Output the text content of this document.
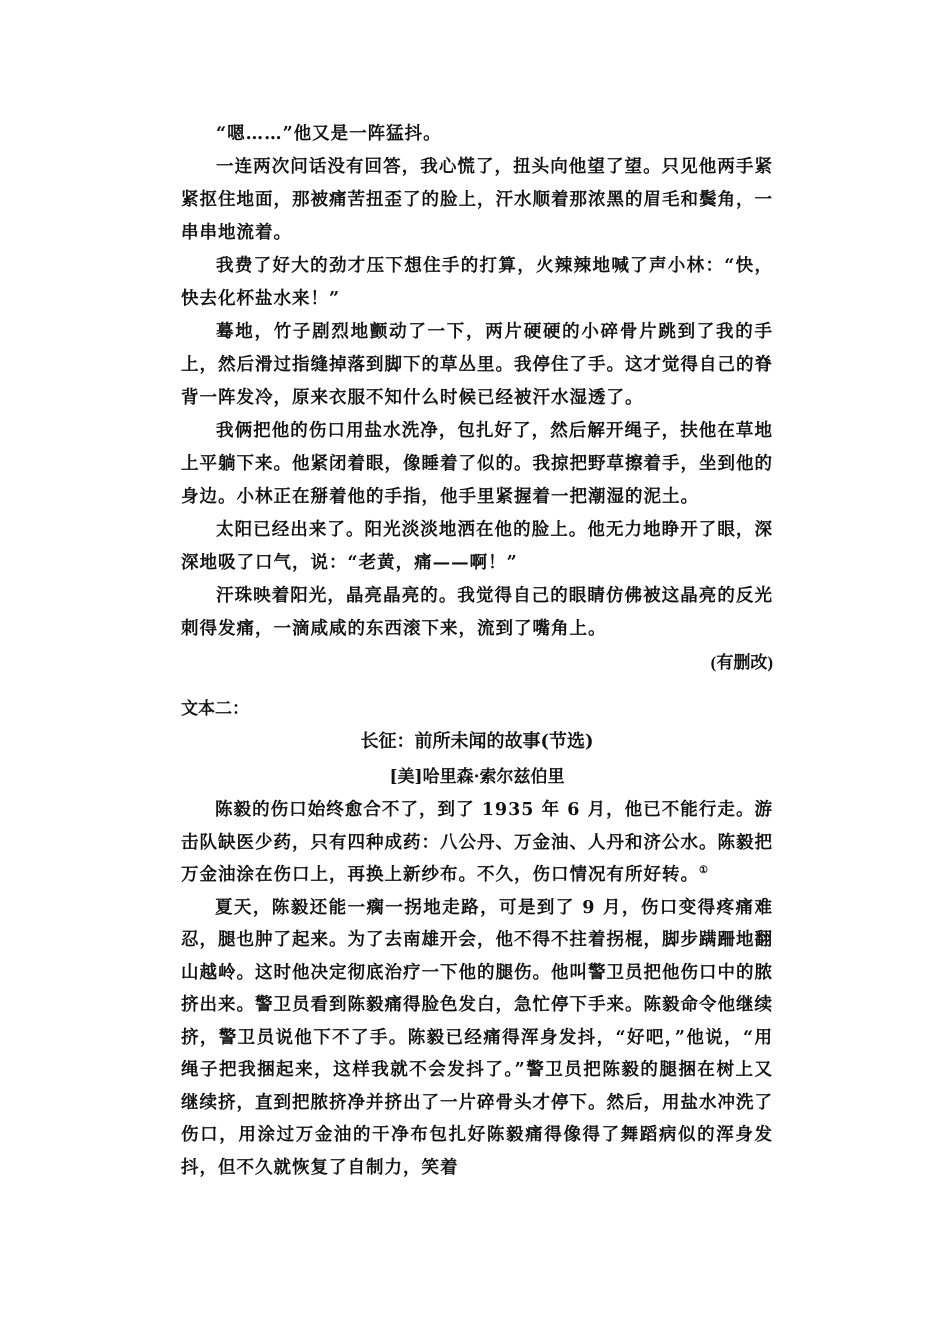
“嗯……”他又是一阵猛抖。

一连两次问话没有回答，我心慌了，扭头向他望了望。只见他两手紧紧抠住地面，那被痛苦扭歪了的脸上，汗水顺着那浓黑的眉毛和鬓角，一串串地流着。

我费了好大的劲才压下想住手的打算，火辣辣地喊了声小林：“快，快去化杯盐水来！”

蓦地，竹子剧烈地颤动了一下，两片硬硬的小碎骨片跳到了我的手上，然后滑过指缝掉落到脚下的草丛里。我停住了手。这才觉得自己的脊背一阵发冷，原来衣服不知什么时候已经被汗水湿透了。

我俩把他的伤口用盐水洗净，包扎好了，然后解开绳子，扶他在草地上平躺下来。他紧闭着眼，像睡着了似的。我掠把野草擦着手，坐到他的身边。小林正在掰着他的手指，他手里紧握着一把潮湿的泥土。

太阳已经出来了。阳光淡淡地洒在他的脸上。他无力地睁开了眼，深深地吸了口气，说：“老黄，痛——啊！”

汗珠映着阳光，晶亮晶亮的。我觉得自己的眼睛仿佛被这晶亮的反光刺得发痛，一滴咸咸的东西滚下来，流到了嘴角上。

(有删改)

文本二：

长征：前所未闻的故事(节选)

[美]哈里森·索尔兹伯里

陈毅的伤口始终愈合不了，到了 1935 年 6 月，他已不能行走。游击队缺医少药，只有四种成药：八公丹、万金油、人丹和济公水。陈毅把万金油涂在伤口上，再换上新纱布。不久，伤口情况有所好转。①

夏天，陈毅还能一瘸一拐地走路，可是到了 9 月，伤口变得疼痛难忍，腿也肿了起来。为了去南雄开会，他不得不拄着拐棍，脚步蹒跚地翻山越岭。这时他决定彻底治疗一下他的腿伤。他叫警卫员把他伤口中的脓挤出来。警卫员看到陈毅痛得脸色发白，急忙停下手来。陈毅命令他继续挤，警卫员说他下不了手。陈毅已经痛得浑身发抖，“好吧，”他说，“用绳子把我捆起来，这样我就不会发抖了。”警卫员把陈毅的腿捆在树上又继续挤，直到把脓挤净并挤出了一片碎骨头才停下。然后，用盐水冲洗了伤口，用涂过万金油的干净布包扎好陈毅痛得像得了舞蹈病似的浑身发抖，但不久就恢复了自制力，笑着
